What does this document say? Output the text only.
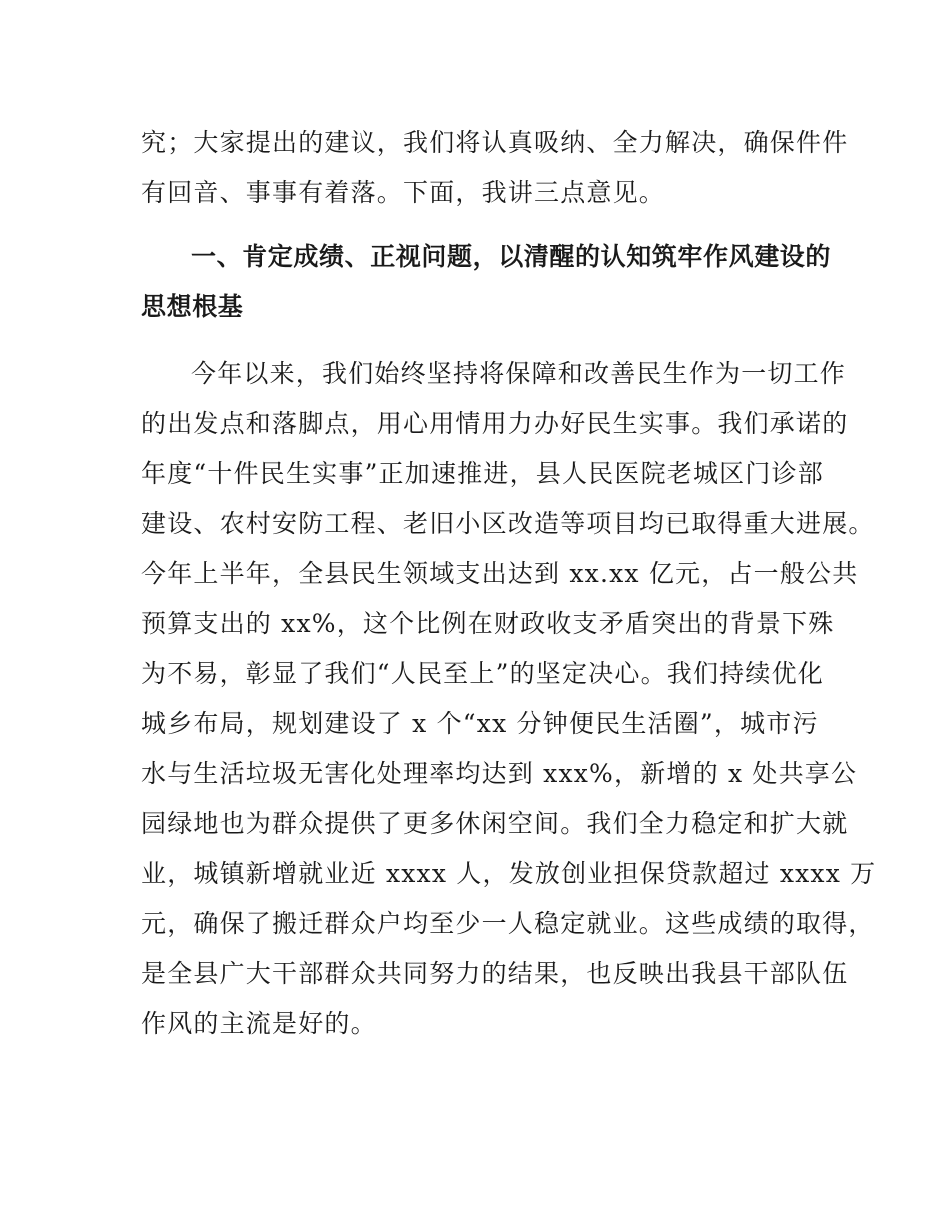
究；大家提出的建议，我们将认真吸纳、全力解决，确保件件
有回音、事事有着落。下面，我讲三点意见。
一、肯定成绩、正视问题，以清醒的认知筑牢作风建设的
思想根基
今年以来，我们始终坚持将保障和改善民生作为一切工作
的出发点和落脚点，用心用情用力办好民生实事。我们承诺的
年度“十件民生实事”正加速推进，县人民医院老城区门诊部
建设、农村安防工程、老旧小区改造等项目均已取得重大进展。
今年上半年，全县民生领域支出达到 xx.xx 亿元，占一般公共
预算支出的 xx%，这个比例在财政收支矛盾突出的背景下殊
为不易，彰显了我们“人民至上”的坚定决心。我们持续优化
城乡布局，规划建设了 x 个“xx 分钟便民生活圈”，城市污
水与生活垃圾无害化处理率均达到 xxx%，新增的 x 处共享公
园绿地也为群众提供了更多休闲空间。我们全力稳定和扩大就
业，城镇新增就业近 xxxx 人，发放创业担保贷款超过 xxxx 万
元，确保了搬迁群众户均至少一人稳定就业。这些成绩的取得，
是全县广大干部群众共同努力的结果，也反映出我县干部队伍
作风的主流是好的。
